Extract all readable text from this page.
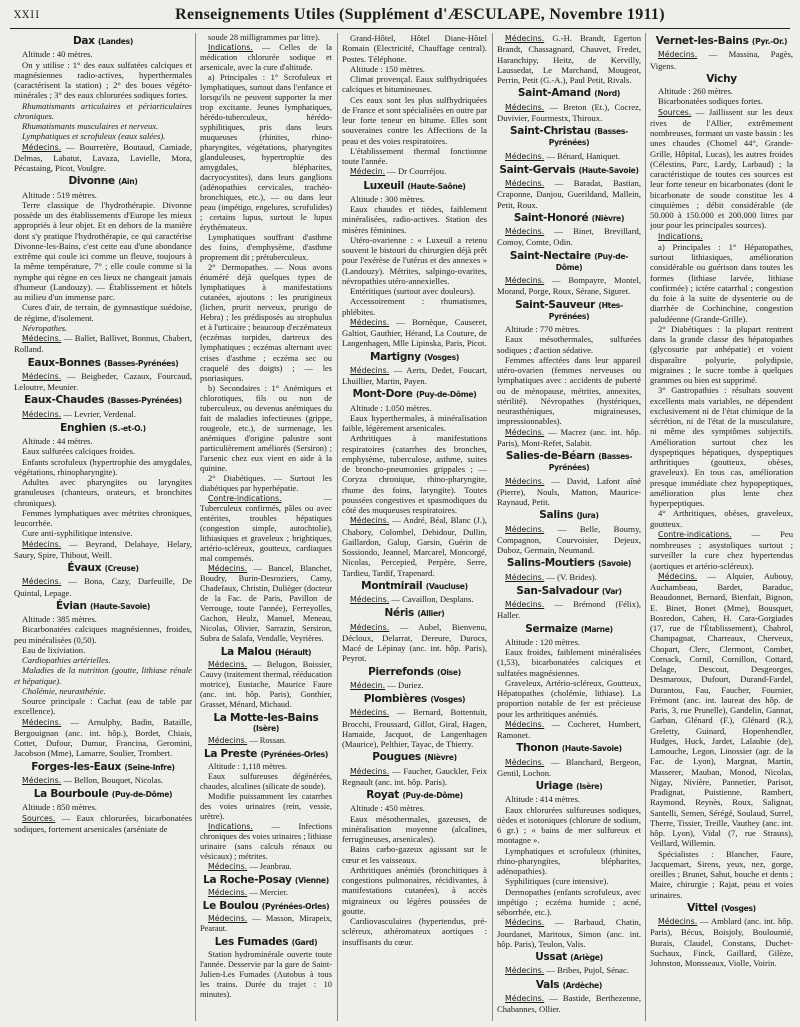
XXII	Renseignements Utiles (Supplément d'ÆSCULAPE, Novembre 1911)
Dax (Landes)
Altitude : 40 mètres.
On y utilise : 1° des eaux sulfatées calciques et magnésiennes radio-actives, hyperthermales (caractérisent la station) ; 2° des boues végéto-minérales ; 3° des eaux chlorurées sodiques fortes.
Rhumatismants articulaires et périarticulaires chroniques.
Rhumatismants musculaires et nerveux.
Lymphatiques et scrofuleux (eaux salées).
Médecins. — Bourretère, Boutaud, Camiade, Delmas, Labatut, Lavaza, Lavielle, Mora, Pécastaing, Picot, Voulgre.
Divonne (Ain)
Altitude : 519 mètres.
Terre classique de l'hydrothérapie. Divonne possède un des établissements d'Europe les mieux appropriés à leur objet. Et en dehors de la manière dont s'y pratique l'hydrothérapie, ce qui caractérise Divonne-les-Bains, c'est cette eau d'une abondance extrême qui coule ici comme un fleuve, toujours à la même température, 7° ; elle coule comme si la nymphe qui règne en ces lieux ne changeait jamais d'humeur (Landouzy). — Établissement et hôtels au milieu d'un immense parc.
Cures d'air, de terrain, de gymnastique suédoise, de régime, d'isolement.
Névropathes.
Médecins. — Ballet, Ballivet, Bonnus, Chabert, Rolland.
Eaux-Bonnes (Basses-Pyrénées)
Médecins. — Beigbeder, Cazaux, Fourcaud, Leloutre, Meunier.
Eaux-Chaudes (Basses-Pyrénées)
Médecins. — Levrier, Verdenal.
Enghien (S.-et-O.)
Altitude : 44 mètres.
Eaux sulfurées calciques froides.
Enfants scrofuleux (hypertrophie des amygdales, végétations, rhinopharyngite).
Adultes avec pharyngites ou laryngites granuleuses (chanteurs, orateurs, et bronchites chroniques).
Femmes lymphatiques avec métrites chroniques, leucorrhée.
Cure anti-syphilitique intensive.
Médecins. — Beyrand, Delahaye, Helary, Saury, Spire, Thibout, Weill.
Évaux (Creuse)
Médecins. — Bona, Cazy, Darfeuille, De Quintal, Lepage.
Évian (Haute-Savoie)
Altitude : 385 mètres.
Bicarbonatées calciques magnésiennes, froides, peu minéralisées (0,50).
Eau de lixiviation.
Cardiopathies artérielles.
Maladies de la nutrition (goutte, lithiase rénale et hépatique).
Cholémie, neurasthénie.
Source principale : Cachat (eau de table par excellence).
Médecins. — Arnulphy, Badin, Bataille, Bergouignan (anc. int. hôp.), Bordet, Chiais, Cottet, Dufour, Dumur, Francina, Geromini, Jacobson (Mme), Lamarre, Soulier, Trombert.
Forges-les-Eaux (Seine-Infre)
Médecins. — Bellon, Bouquet, Nicolas.
La Bourboule (Puy-de-Dôme)
Altitude : 850 mètres.
Sources. — Eaux chlorurées, bicarbonatées sodiques, fortement arsenicales (arséniate de
soude 28 milligrammes par litre).
Indications. — Celles de la médication chlorurée sodique et arsenicale, avec la cure d'altitude.
a) Principales : 1° Scrofuleux et lymphatiques, surtout dans l'enfance et lorsqu'ils ne peuvent supporter la mer trop excitante. Jeunes lymphatiques, hérédo-tuberculeux, hérédo-syphilitiques, pris dans leurs muqueuses (rhinites, rhino-pharyngites, végétations, pharyngites glanduleuses, hypertrophie des amygdales, blépharites, dacryocystites), dans leurs ganglions (adénopathies cervicales, trachéo-bronchiques, etc.), — ou dans leur peau (impétigo, engelures, scrofulides) ; certains lupus, surtout le lupus érythémateux.
Lymphatiques souffrant d'asthme des foins, d'emphysème, d'asthme proprement dit ; prétuberculeux.
2° Dermopathes. — Nous avons énuméré déjà quelques types de lymphatiques à manifestations cutanées, ajoutons : les prurigineux (lichen, prurit nerveux, prurigo de Hebra) ; les prédisposés au strophulus et à l'urticaire ; beaucoup d'eczémateux (eczémas torpides, dartreux des lymphatiques ; eczémas alternant avec crises d'asthme ; eczéma sec ou craquelé des doigts) ; — les psoriasiques.
b) Secondaires : 1° Anémiques et chlorotiques, fils ou non de tuberculeux, ou devenus anémiques du fait de maladies infectieuses (grippe, rougeole, etc.), de surmenage, les anémiques d'origine palustre sont particulièrement améliorés (Sersiron) ; l'arsenic chez eux vient en aide à la quinine.
2° Diabétiques. — Surtout les diabétiques par hyperhépatie.
Contre-indications. — Tuberculeux confirmés, pâles ou avec entérites, troubles hépatiques (congestion simple, autochtolie), lithiasiques et graveleux ; brightiques, artério-scléreux, goutteux, cardiaques mal compensés.
Médecins. — Bancel, Blanchet, Boudry, Burin-Desroziers, Camy, Chadefaux, Christin, Dulièger (docteur de la Fac. de Paris, Pavillon de Verrouge, toute l'année), Ferreyolles, Gachon, Heulz, Manuel, Meneau, Nicolas, Olivier, Sarrazin, Sersiron, Subra de Salafa, Vendalle, Veyrières.
La Malou (Hérault)
Médecins. — Belugon, Boissier, Cauvy (traitement thermal, rééducation motrice), Eustache, Maurice Faure (anc. int. hôp. Paris), Gonthier, Grasset, Ménard, Michaud.
La Motte-les-Bains (Isère)
Médecins. — Rossan.
La Preste (Pyrénées-Orles)
Altitude : 1,118 mètres.
Eaux sulfureuses dégénérées, chaudes, alcalines (silicate de soude).
Modifie puissamment les catarrhes des voies urinaires (rein, vessie, urètre).
Indications. — Infections chroniques des voies urinaires ; lithiase urinaire (sans calculs rénaux ou vésicaux) ; métrites.
Médecins. — Jeanbrau.
La Roche-Posay (Vienne)
Médecins. — Mercier.
Le Boulou (Pyrénées-Orles)
Médecins. — Masson, Mirapeix, Pearaut.
Les Fumades (Gard)
Station hydrominérale ouverte toute l'année. Desservie par la gare de Saint-Julien-Les Fumades (Autobus à tous les trains. Durée du trajet : 10 minutes).
Grand-Hôtel, Hôtel Diane-Hôtel Romain (Electricité, Chauffage central). Postes. Téléphone.
Altitude : 150 mètres.
Climat provençal. Eaux sulfhydriquées calciques et bitumineuses.
Ces eaux sont les plus sulfhydriquées de France et sont spécialisées en outre par leur forte teneur en bitume. Elles sont souveraines contre les Affections de la peau et des voies respiratoires.
L'établissement thermal fonctionne toute l'année.
Médecin. — Dr Courréjou.
Luxeuil (Haute-Saône)
Altitude : 300 mètres.
Eaux chaudes et tièdes, faiblement minéralisées, radio-actives. Station des misères féminines.
Utéro-ovarienne : « Luxeuil a retenu souvent le bistouri du chirurgien déjà prêt pour l'exérèse de l'utérus et des annexes » (Landouzy). Métrites, salpingo-ovarites, névropathies utéro-annexielles.
Entéritiques (surtout avec douleurs).
Accessoirement : rhumatismes, phlébites.
Médecins. — Bornèque, Causeret, Galtiot, Gauthier, Hérand, La Couture, de Langenhagen, Mlle Lipinska, Paris, Picot.
Martigny (Vosges)
Médecins. — Aerts, Dedet, Foucart, Lhuillier, Martin, Payen.
Mont-Dore (Puy-de-Dôme)
Altitude : 1.050 mètres.
Eaux hyperthermales, à minéralisation faible, légèrement arsenicales.
Arthritiques à manifestations respiratoires (catarrhes des bronches, emphysème, tuberculose, asthme, suites de broncho-pneumonies grippales ; — Coryza chronique, rhino-pharyngite, rhume des foins, laryngite). Toutes poussées congestives et spasmodiques du côté des muqueuses respiratoires.
Médecins. — André, Béal, Blanc (J.), Chabory, Colombel, Debidour, Dullin, Gaillardon, Galup, Garsin, Guérin de Sossiondo, Jeannel, Marcarel, Moncorgé, Nicolas, Percepied, Perpère, Serre, Tardieu, Tardif, Trapenard.
Montmirail (Vaucluse)
Médecins. — Cavaillon, Desplans.
Néris (Allier)
Médecins. — Aubel, Bienvenu, Décloux, Delarrat, Dereure, Durocs, Macé de Lépinay (anc. int. hôp. Paris), Peyrot.
Pierrefonds (Oise)
Médecin. — Duriez.
Plombières (Vosges)
Médecins. — Bernard, Bottentuit, Brocchi, Froussard, Gillot, Giral, Hagen, Hamaide, Jacquot, de Langenhagen (Maurice), Pelthier, Tayac, de Thierry.
Pougues (Nièvre)
Médecins. — Faucher, Gauckler, Feix Regnault (anc. int. hôp. Paris).
Royat (Puy-de-Dôme)
Altitude : 450 mètres.
Eaux mésothermales, gazeuses, de minéralisation moyenne (alcalines, ferrugineuses, arsenicales).
Bains carbo-gazeux agissant sur le cœur et les vaisseaux.
Arthritiques anémiés (bronchitiques à congestions pulmonaires, récidivantes, à manifestations cutanées), à accès migraineux ou légères poussées de goutte.
Cardiovasculaires (hypertendus, pré-scléreux, athéromateux aortiques : insuffisants du cœur.
Médecins. G.-H. Brandt, Egerton Brandt, Chassagnard, Chauvet, Fredet, Haranchipy, Heitz, de Kervilly, Laussedat, Le Marchand, Mougeot, Perrin, Petit (G.-A.), Paul Petit, Rivals.
Saint-Amand (Nord)
Médecins. — Breton (Et.), Cocrez, Duvivier, Fourmestx, Thiroux.
Saint-Christau (Basses-Pyrénées)
Médecins. — Bénard, Haniquet.
Saint-Gervais (Haute-Savoie)
Médecins. — Baradat, Bastian, Craponne, Danjou, Guerildand, Mallein, Petit, Roux.
Saint-Honoré (Nièvre)
Médecins. — Binet, Brevillard, Comoy, Comte, Odin.
Saint-Nectaire (Puy-de-Dôme)
Médecins. — Bompayre, Montel, Morand, Porge, Roux, Sérane, Siguret.
Saint-Sauveur (Htes-Pyrénées)
Altitude : 770 mètres.
Eaux mésothermales, sulfurées sodiques ; d'action sédative.
Femmes affectées dans leur appareil utéro-ovarien (femmes nerveuses ou lymphatiques avec : accidents de puberté ou de ménopause, métrites, annexites, stérilité). Névropathes (hystériques, neurasthéniques, migraineuses, impressionnables).
Médecins. — Macrez (anc. int. hôp. Paris), Mont-Refet, Salabit.
Salies-de-Béarn (Basses-Pyrénées)
Médecins. — David, Lafont aîné (Pierre), Nouls, Matton, Maurice-Raynaud, Petit.
Salins (Jura)
Médecins. — Belle, Bourny, Compagnon, Courvoisier, Dejeux, Duboz, Germain, Neumand.
Salins-Moutiers (Savoie)
Médecins. — (V. Brides).
San-Salvadour (Var)
Médecins. — Brémond (Félix), Haller.
Sermaize (Marne)
Altitude : 120 mètres.
Eaux froides, faiblement minéralisées (1,53), bicarbonatées calciques et sulfatées magnésiennes.
Graveleux, Artério-scléreux, Goutteux, Hépatopathes (cholémie, lithiase). La proportion notable de fer est précieuse pour les arthritiques anémiés.
Médecins. — Cocheret, Humbert, Ramonet.
Thonon (Haute-Savoie)
Médecins. — Blanchard, Bergeon, Gentil, Lochon.
Uriage (Isère)
Altitude : 414 mètres.
Eaux chlorurées sulfureuses sodiques, tièdes et isotoniques (chlorure de sodium, 6 gr.) ; « bains de mer sulfureux et montagne ».
Lymphatiques et scrofuleux (rhinites, rhino-pharyngites, blépharites, adénopathies).
Syphilitiques (cure intensive).
Dermopathes (enfants scrofuleux, avec impétigo ; eczéma humide ; acné, séborrhée, etc.).
Médecins. — Barbaud, Chatin, Jourdanet, Maritoux, Simon (anc. int. hôp. Paris), Teulon, Valis.
Ussat (Ariège)
Médecins. — Bribes, Pujol, Sénac.
Vals (Ardèche)
Médecins. — Bastide, Berthezenne, Chabannes, Ollier.
Vernet-les-Bains (Pyr.-Or.)
Médecins. — Massina, Pagès, Vigens.
Vichy
Altitude : 260 mètres.
Bicarbonatées sodiques fortes.
Sources. — Jaillissent sur les deux rives de l'Allier, extrêmement nombreuses, formant un vaste bassin : les unes chaudes (Chomel 44°, Grande-Grille, Hôpital, Lucas), les autres froides (Célestins, Parc, Lardy, Larbaud) ; la caractéristique de toutes ces sources est leur forte teneur en bicarbonates (dont le bicarbonate de soude constitue les 4 cinquièmes ; débit considérable (de 50.000 à 150.000 et 200.000 litres par jour pour les principales sources).
Indications.
a) Principales : 1° Hépatopathes, surtout lithiasiques, amélioration considérable ou guérison dans toutes les formes (lithiase larvée, lithiase confirmée) ; ictère catarrhal ; congestion du foie à la suite de dysenterie ou de diarrhée de Cochinchine, congestion paludéenne (Grande-Grille).
2° Diabétiques : la plupart rentrent dans la grande classe des hépatopathes (glycosurie par anhépatie) et voient disparaître polyurie, polydipsie, migraines ; le sucre tombe à quelques grammes ou bien est supprimé.
3° Gastropathies : résultats souvent excellents mais variables, ne dépendent exclusivement ni de l'état chimique de la sécrétion, ni de l'état de la musculature, ni même des symptômes subjectifs. Amélioration surtout chez les dyspeptiques hépatiques, dyspeptiques arthritiques (goutteux, obèses, graveleux). En tous cas, amélioration presque immédiate chez hypopeptiques, amélioration plus lente chez hyperpeptiques.
4° Arthritiques, obèses, graveleux, goutteux.
Contre-indications. — Peu nombreuses ; asystoliques surtout ; surveiller la cure chez hypertendus (aortiques et artério-scléreux).
Médecins. — Alquier, Aubouy, Auchambeau, Bardet, Baraduc, Beaudonnet, Bernard, Bienfait, Bignon, E. Binet, Bonet (Mme), Bousquet, Bosredon, Cahen, H. Cara-Gorgiades (17, rue de l'Établissement), Chabrol, Champagnat, Charreaux, Cherveux, Chopart, Clerc, Clermont, Combet, Cornack, Cornil, Cornillon, Cottard, Delage, Descout, Desgeorges, Desmaroux, Dufourt, Durand-Fardel, Durantou, Fau, Faucher, Fournier, Frémont (anc. int. laureat des hôp. de Paris, 3, rue Prunelle), Gandelin, Gannat, Garban, Glénard (F.), Glénard (R.), Greletty, Guinard, Hopenhendler, Hudges, Huck, Jardet, Lalaubie (de), Lamouche, Legon, Linossier (agr. de la Fac. de Lyon), Margnat, Martin, Masserer, Mauban, Monod, Nicolas, Nigay, Nivière, Pannetier, Parisot, Pradignat, Puistienne, Rambert, Raymond, Reynès, Roux, Salignat, Santelli, Semen, Sérégé, Soulaud, Surrel, Therre, Tissier, Treille, Vauthey (anc. int. hôp. Lyon), Vidal (7, rue Strauss), Veillard, Willemin.
Spécialistes : Blancher, Faure, Jacquemart, Sirens, yeux, nez, gorge, oreilles ; Brunet, Sahut, bouche et dents ; Maire, chirurgie ; Rajat, peau et voies urinaires.
Vittel (Vosges)
Médecins. — Amblard (anc. int. hôp. Paris), Bécus, Boisjoly, Bouloumié, Burais, Claudel, Constans, Duchet-Suchaux, Finck, Gaillard, Gilèze, Johnston, Monsseaux, Violle, Voirin.
